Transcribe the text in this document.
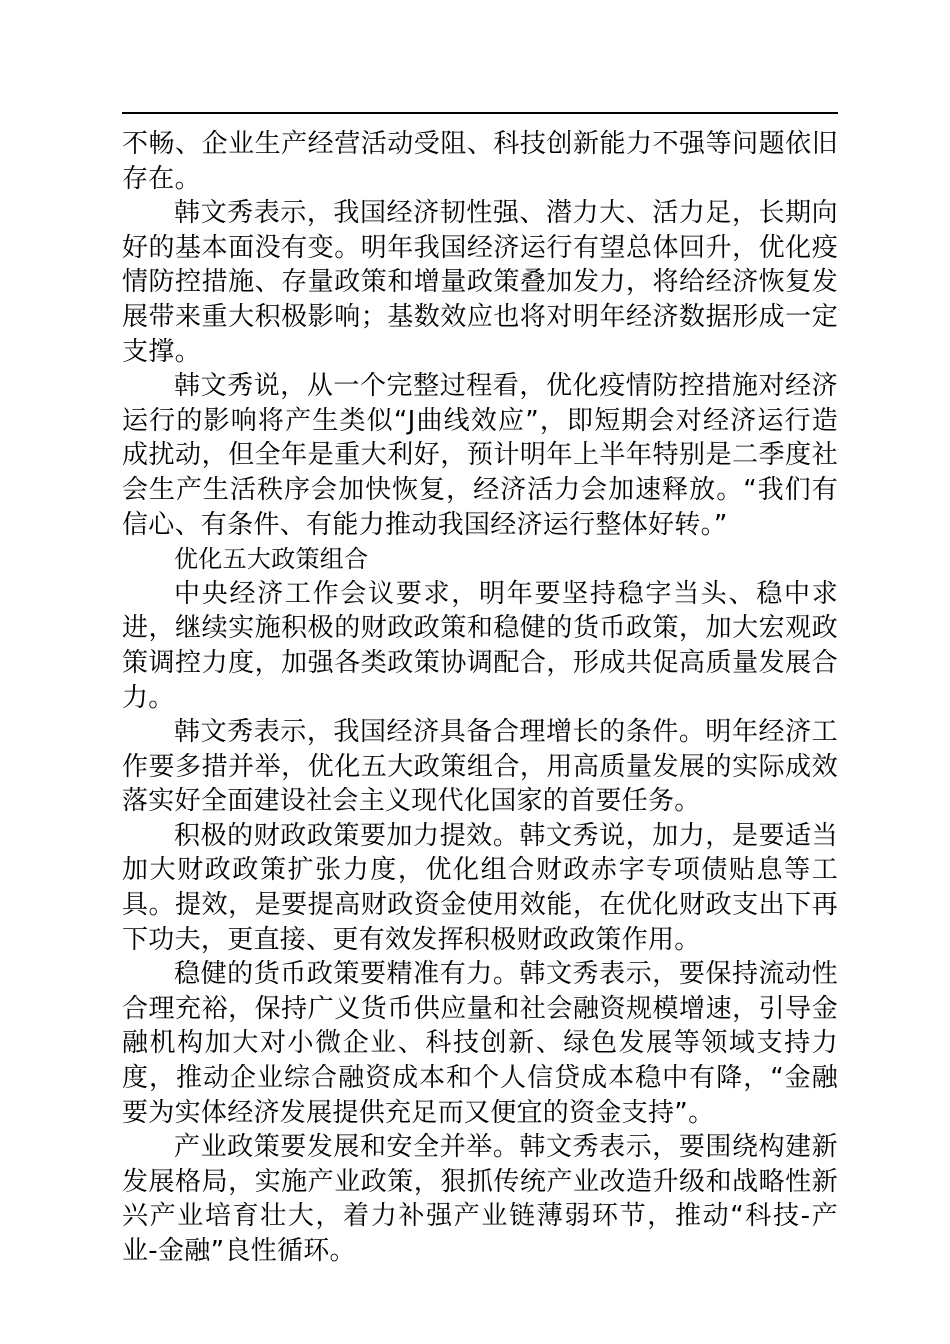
不畅、企业生产经营活动受阻、科技创新能力不强等问题依旧存在。

韩文秀表示，我国经济韧性强、潜力大、活力足，长期向好的基本面没有变。明年我国经济运行有望总体回升，优化疫情防控措施、存量政策和增量政策叠加发力，将给经济恢复发展带来重大积极影响；基数效应也将对明年经济数据形成一定支撑。

韩文秀说，从一个完整过程看，优化疫情防控措施对经济运行的影响将产生类似“J曲线效应”，即短期会对经济运行造成扰动，但全年是重大利好，预计明年上半年特别是二季度社会生产生活秩序会加快恢复，经济活力会加速释放。“我们有信心、有条件、有能力推动我国经济运行整体好转。”

优化五大政策组合

中央经济工作会议要求，明年要坚持稳字当头、稳中求进，继续实施积极的财政政策和稳健的货币政策，加大宏观政策调控力度，加强各类政策协调配合，形成共促高质量发展合力。

韩文秀表示，我国经济具备合理增长的条件。明年经济工作要多措并举，优化五大政策组合，用高质量发展的实际成效落实好全面建设社会主义现代化国家的首要任务。

积极的财政政策要加力提效。韩文秀说，加力，是要适当加大财政政策扩张力度，优化组合财政赤字专项债贴息等工具。提效，是要提高财政资金使用效能，在优化财政支出下再下功夫，更直接、更有效发挥积极财政政策作用。

稳健的货币政策要精准有力。韩文秀表示，要保持流动性合理充裕，保持广义货币供应量和社会融资规模增速，引导金融机构加大对小微企业、科技创新、绿色发展等领域支持力度，推动企业综合融资成本和个人信贷成本稳中有降，“金融要为实体经济发展提供充足而又便宜的资金支持”。

产业政策要发展和安全并举。韩文秀表示，要围绕构建新发展格局，实施产业政策，狠抓传统产业改造升级和战略性新兴产业培育壮大，着力补强产业链薄弱环节，推动“科技-产业-金融”良性循环。
